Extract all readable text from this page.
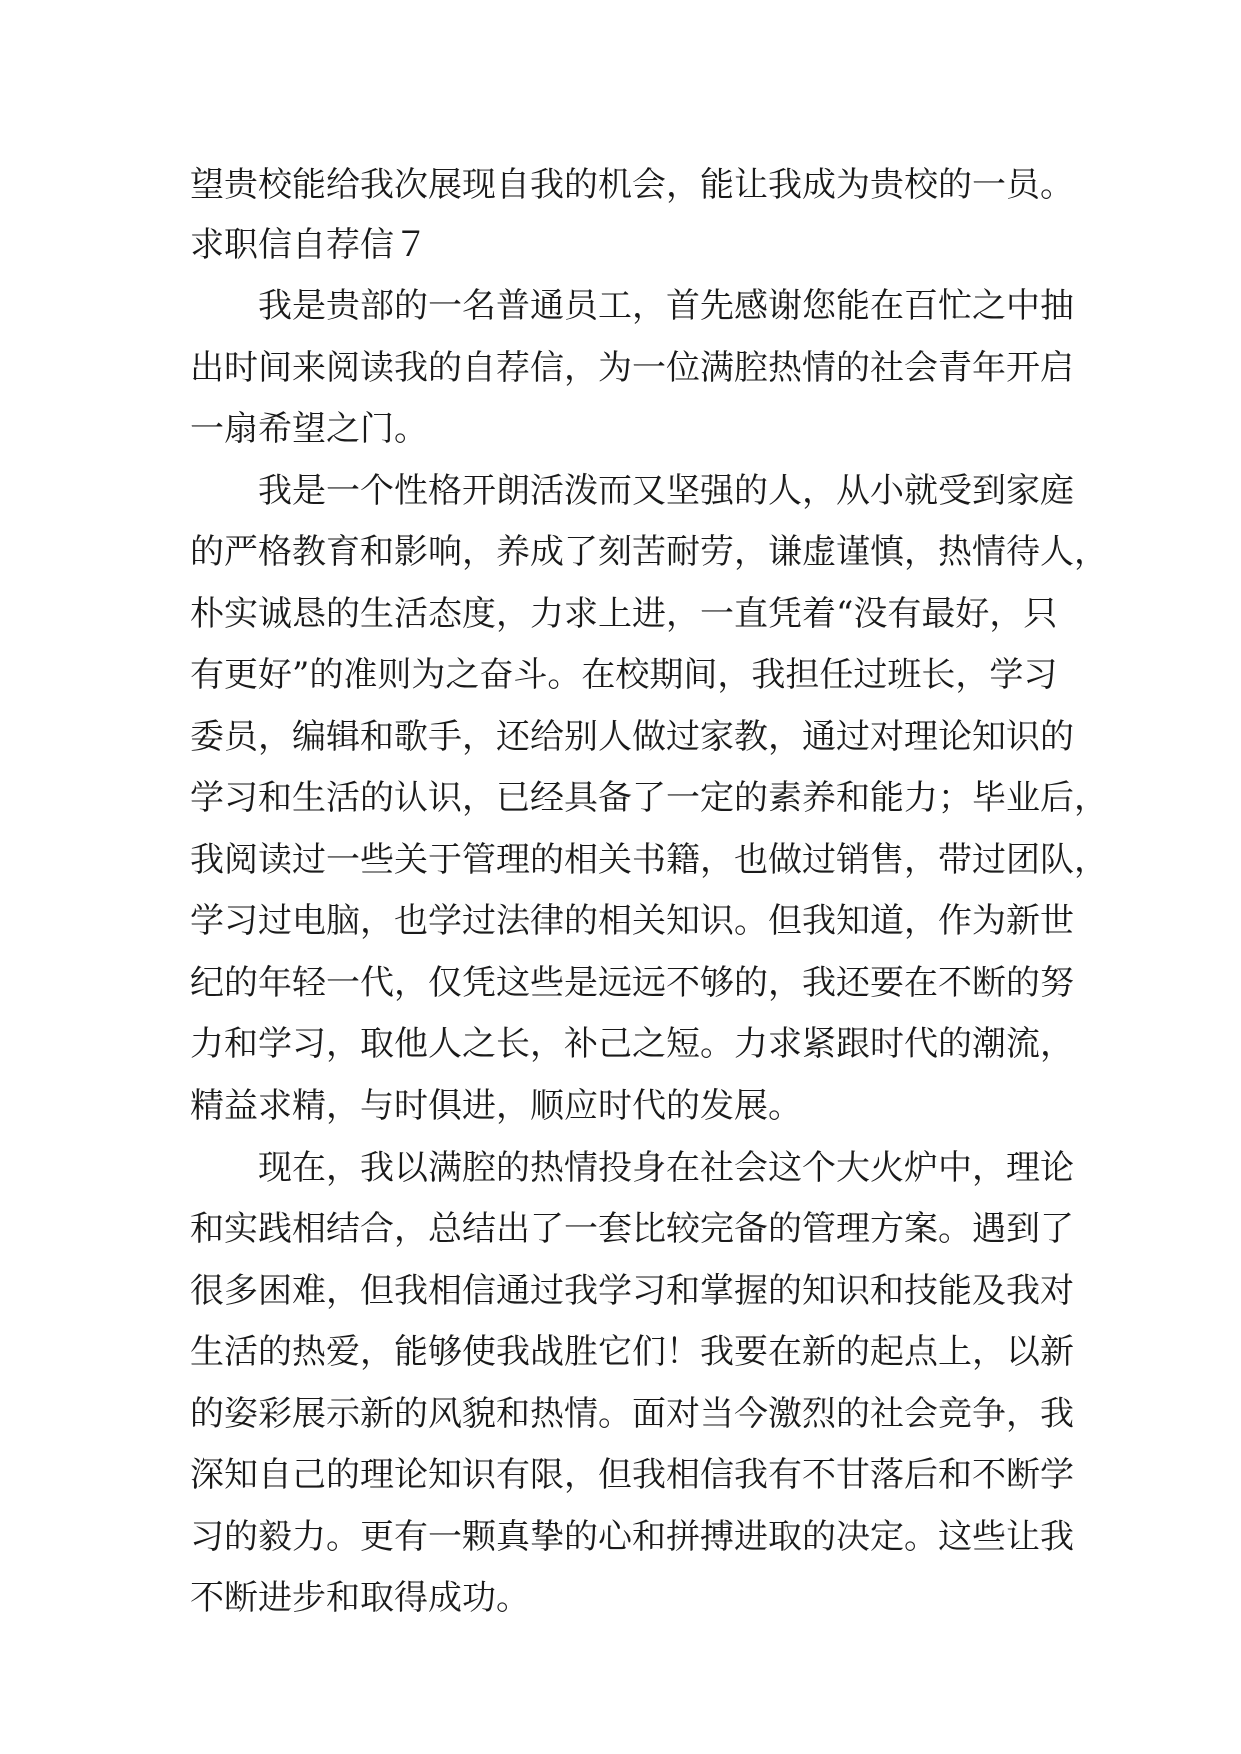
望贵校能给我次展现自我的机会，能让我成为贵校的一员。
求职信自荐信７
我是贵部的一名普通员工，首先感谢您能在百忙之中抽
出时间来阅读我的自荐信，为一位满腔热情的社会青年开启
一扇希望之门。
我是一个性格开朗活泼而又坚强的人，从小就受到家庭
的严格教育和影响，养成了刻苦耐劳，谦虚谨慎，热情待人，
朴实诚恳的生活态度，力求上进，一直凭着“没有最好，只
有更好”的准则为之奋斗。在校期间，我担任过班长，学习
委员，编辑和歌手，还给别人做过家教，通过对理论知识的
学习和生活的认识，已经具备了一定的素养和能力；毕业后，
我阅读过一些关于管理的相关书籍，也做过销售，带过团队，
学习过电脑，也学过法律的相关知识。但我知道，作为新世
纪的年轻一代，仅凭这些是远远不够的，我还要在不断的努
力和学习，取他人之长，补己之短。力求紧跟时代的潮流，
精益求精，与时俱进，顺应时代的发展。
现在，我以满腔的热情投身在社会这个大火炉中，理论
和实践相结合，总结出了一套比较完备的管理方案。遇到了
很多困难，但我相信通过我学习和掌握的知识和技能及我对
生活的热爱，能够使我战胜它们！我要在新的起点上，以新
的姿彩展示新的风貌和热情。面对当今激烈的社会竞争，我
深知自己的理论知识有限，但我相信我有不甘落后和不断学
习的毅力。更有一颗真挚的心和拼搏进取的决定。这些让我
不断进步和取得成功。
